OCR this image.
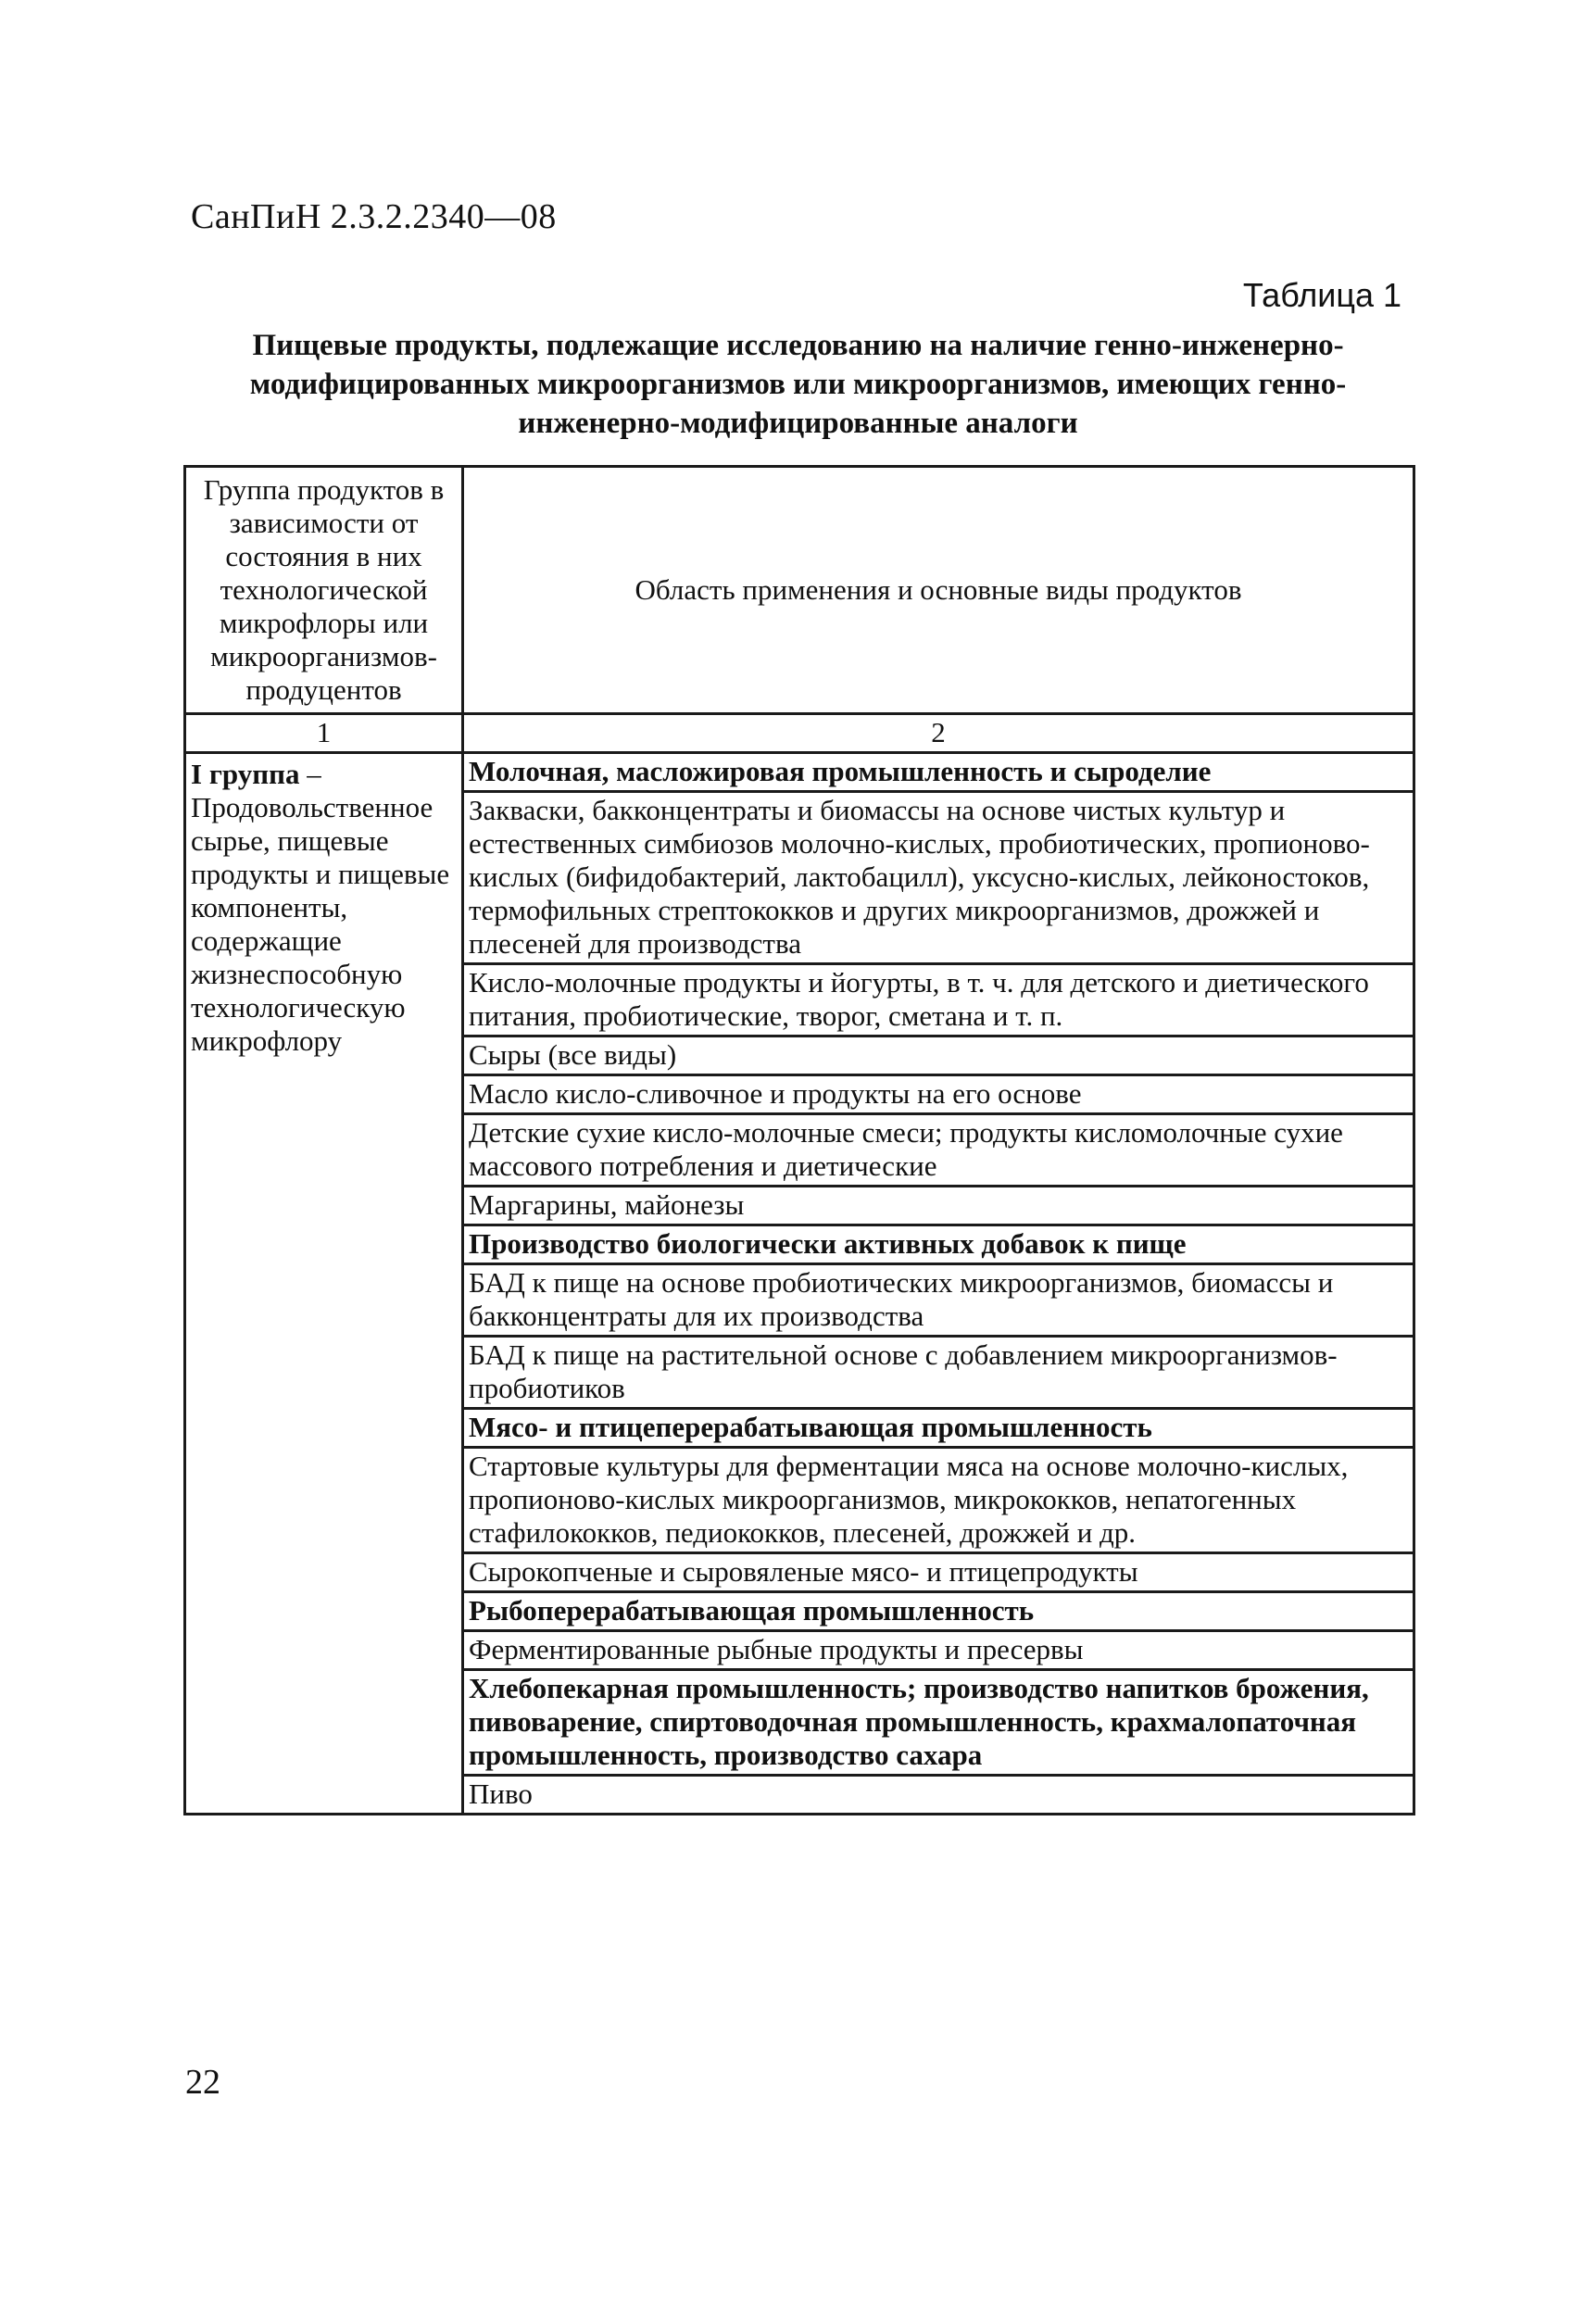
СанПиН 2.3.2.2340—08
Таблица 1
Пищевые продукты, подлежащие исследованию на наличие генно-инженерно-модифицированных микроорганизмов или микроорганизмов, имеющих генно-инженерно-модифицированные аналоги
Группа продуктов в зависимости от состояния в них технологической микрофлоры или микроорганизмов-продуцентов	Область применения и основные виды продуктов
1	2
I группа – Продовольственное сырье, пищевые продукты и пищевые компоненты, содержащие жизнеспособную технологическую микрофлору	Молочная, масложировая промышленность и сыроделие
	Закваски, бакконцентраты и биомассы на основе чистых культур и естественных симбиозов молочно-кислых, пробиотических, пропионово-кислых (бифидобактерий, лактобацилл), уксусно-кислых, лейконостоков, термофильных стрептококков и других микроорганизмов, дрожжей и плесеней для производства
	Кисло-молочные продукты и йогурты, в т. ч. для детского и диетического питания, пробиотические, творог, сметана и т. п.
	Сыры (все виды)
	Масло кисло-сливочное и продукты на его основе
	Детские сухие кисло-молочные смеси; продукты кисломолочные сухие массового потребления и диетические
	Маргарины, майонезы
	Производство биологически активных добавок к пище
	БАД к пище на основе пробиотических микроорганизмов, биомассы и бакконцентраты для их производства
	БАД к пище на растительной основе с добавлением микроорганизмов-пробиотиков
	Мясо- и птицеперерабатывающая промышленность
	Стартовые культуры для ферментации мяса на основе молочно-кислых, пропионово-кислых микроорганизмов, микрококков, непатогенных стафилококков, педиококков, плесеней, дрожжей и др.
	Сырокопченые и сыровяленые мясо- и птицепродукты
	Рыбоперерабатывающая промышленность
	Ферментированные рыбные продукты и пресервы
	Хлебопекарная промышленность; производство напитков брожения, пивоварение, спиртоводочная промышленность, крахмалопаточная промышленность, производство сахара
	Пиво
22
